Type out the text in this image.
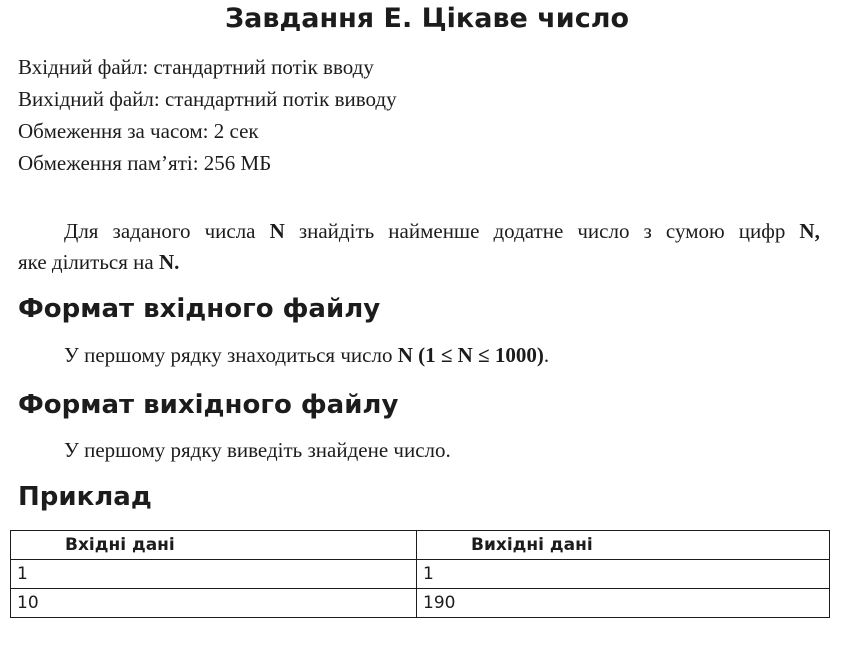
Завдання E. Цікаве число
Вхідний файл: стандартний потік вводу
Вихідний файл: стандартний потік виводу
Обмеження за часом: 2 сек
Обмеження пам’яті: 256 МБ
Для заданого числа N знайдіть найменше додатне число з сумою цифр N,
яке ділиться на N.
Формат вхідного файлу
У першому рядку знаходиться число N (1 ≤ N ≤ 1000).
Формат вихідного файлу
У першому рядку виведіть знайдене число.
Приклад
Вхідні дані	Вихідні дані
1	1
10	190
